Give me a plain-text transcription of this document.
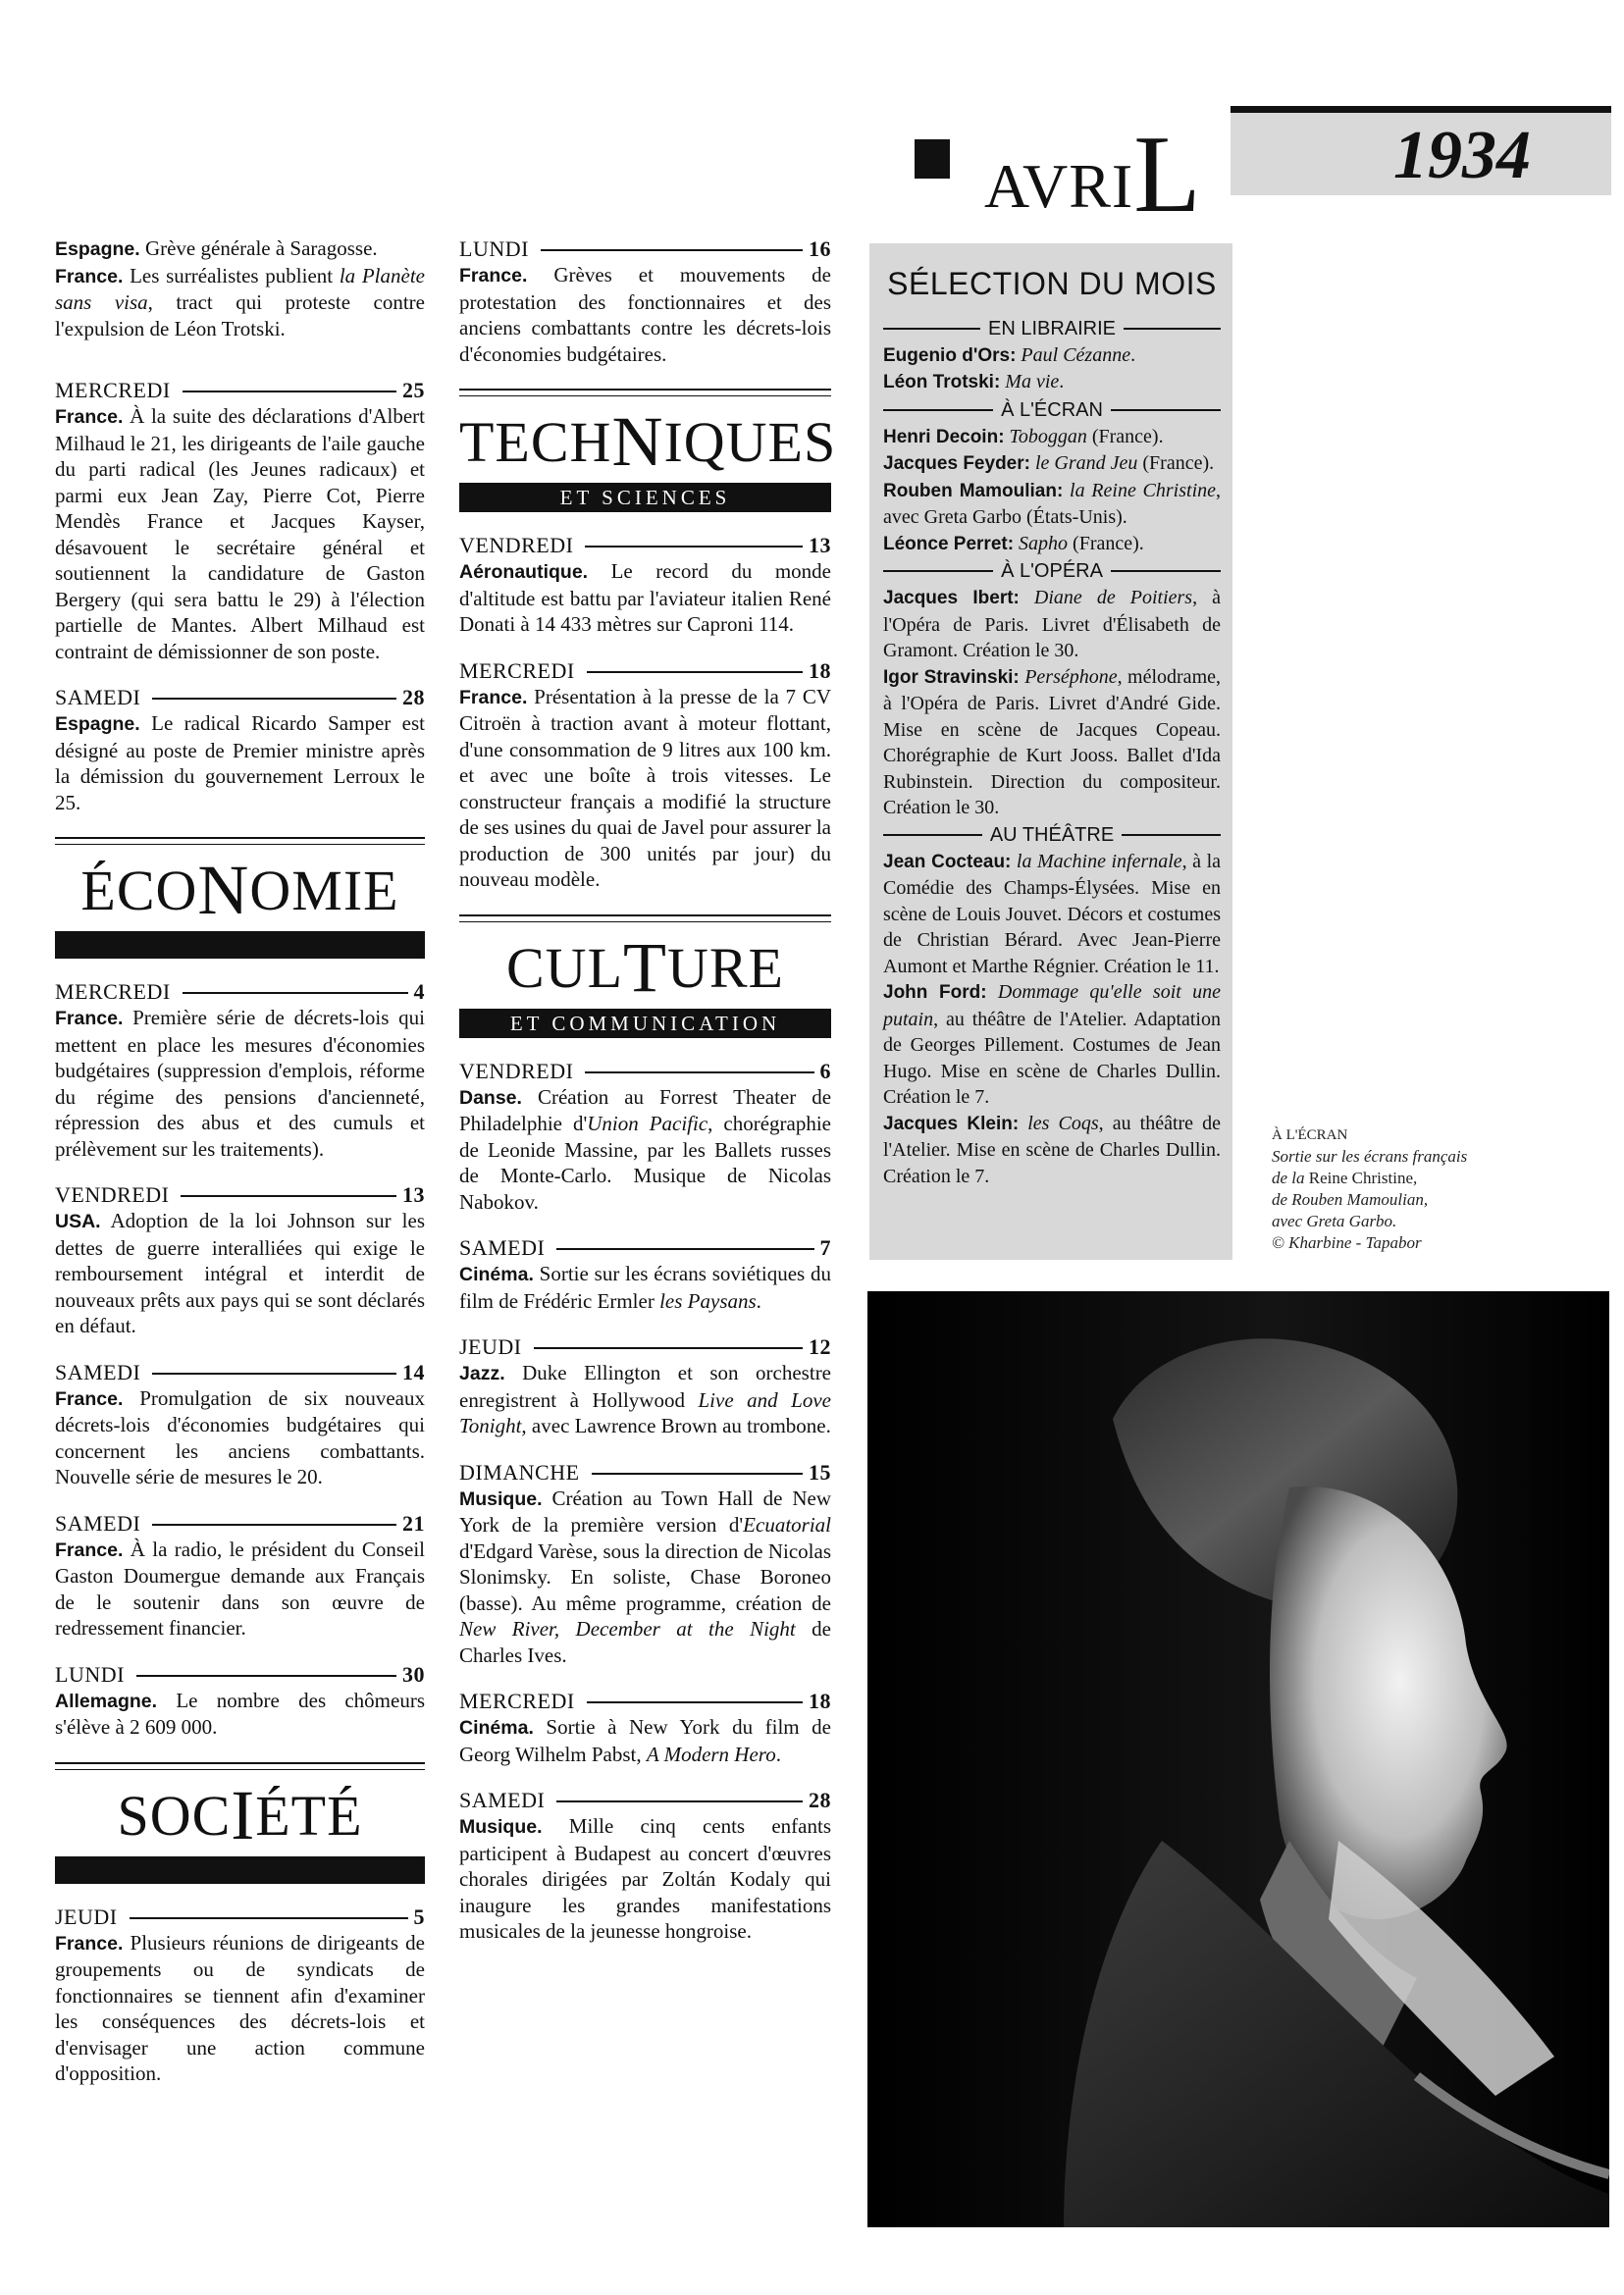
AVRIL	1934

Espagne. Grève générale à Saragosse.
France. Les surréalistes publient la Planète sans visa, tract qui proteste contre l'expulsion de Léon Trotski.

MERCREDI	25

France. À la suite des déclarations d'Albert Milhaud le 21, les dirigeants de l'aile gauche du parti radical (les Jeunes radicaux) et parmi eux Jean Zay, Pierre Cot, Pierre Mendès France et Jacques Kayser, désavouent le secrétaire général et soutiennent la candidature de Gaston Bergery (qui sera battu le 29) à l'élection partielle de Mantes. Albert Milhaud est contraint de démissionner de son poste.

SAMEDI	28

Espagne. Le radical Ricardo Samper est désigné au poste de Premier ministre après la démission du gouvernement Lerroux le 25.

ÉCONOMIE
MERCREDI	4

France. Première série de décrets-lois qui mettent en place les mesures d'économies budgétaires (suppression d'emplois, réforme du régime des pensions d'ancienneté, répression des abus et des cumuls et prélèvement sur les traitements).

VENDREDI	13

USA. Adoption de la loi Johnson sur les dettes de guerre interalliées qui exige le remboursement intégral et interdit de nouveaux prêts aux pays qui se sont déclarés en défaut.

SAMEDI	14

France. Promulgation de six nouveaux décrets-lois d'économies budgétaires qui concernent les anciens combattants. Nouvelle série de mesures le 20.

SAMEDI	21

France. À la radio, le président du Conseil Gaston Doumergue demande aux Français de le soutenir dans son œuvre de redressement financier.

LUNDI	30

Allemagne. Le nombre des chômeurs s'élève à 2 609 000.

SOCIÉTÉ
JEUDI	5

France. Plusieurs réunions de dirigeants de groupements ou de syndicats de fonctionnaires se tiennent afin d'examiner les conséquences des décrets-lois et d'envisager une action commune d'opposition.

LUNDI	16

France. Grèves et mouvements de protestation des fonctionnaires et des anciens combattants contre les décrets-lois d'économies budgétaires.

TECHNIQUES
ET SCIENCES
VENDREDI	13

Aéronautique. Le record du monde d'altitude est battu par l'aviateur italien René Donati à 14 433 mètres sur Caproni 114.

MERCREDI	18

France. Présentation à la presse de la 7 CV Citroën à traction avant à moteur flottant, d'une consommation de 9 litres aux 100 km. et avec une boîte à trois vitesses. Le constructeur français a modifié la structure de ses usines du quai de Javel pour assurer la production de 300 unités par jour) du nouveau modèle.

CULTURE
ET COMMUNICATION
VENDREDI	6

Danse. Création au Forrest Theater de Philadelphie d'Union Pacific, chorégraphie de Leonide Massine, par les Ballets russes de Monte-Carlo. Musique de Nicolas Nabokov.

SAMEDI	7

Cinéma. Sortie sur les écrans soviétiques du film de Frédéric Ermler les Paysans.

JEUDI	12

Jazz. Duke Ellington et son orchestre enregistrent à Hollywood Live and Love Tonight, avec Lawrence Brown au trombone.

DIMANCHE	15

Musique. Création au Town Hall de New York de la première version d'Ecuatorial d'Edgard Varèse, sous la direction de Nicolas Slonimsky. En soliste, Chase Boroneo (basse). Au même programme, création de New River, December at the Night de Charles Ives.

MERCREDI	18

Cinéma. Sortie à New York du film de Georg Wilhelm Pabst, A Modern Hero.

SAMEDI	28

Musique. Mille cinq cents enfants participent à Budapest au concert d'œuvres chorales dirigées par Zoltán Kodaly qui inaugure les grandes manifestations musicales de la jeunesse hongroise.

SÉLECTION DU MOIS
EN LIBRAIRIE

Eugenio d'Ors: Paul Cézanne.

Léon Trotski: Ma vie.

À L'ÉCRAN

Henri Decoin: Toboggan (France).

Jacques Feyder: le Grand Jeu (France).

Rouben Mamoulian: la Reine Christine, avec Greta Garbo (États-Unis).

Léonce Perret: Sapho (France).

À L'OPÉRA

Jacques Ibert: Diane de Poitiers, à l'Opéra de Paris. Livret d'Élisabeth de Gramont. Création le 30.

Igor Stravinski: Perséphone, mélodrame, à l'Opéra de Paris. Livret d'André Gide. Mise en scène de Jacques Copeau. Chorégraphie de Kurt Jooss. Ballet d'Ida Rubinstein. Direction du compositeur. Création le 30.

AU THÉÂTRE

Jean Cocteau: la Machine infernale, à la Comédie des Champs-Élysées. Mise en scène de Louis Jouvet. Décors et costumes de Christian Bérard. Avec Jean-Pierre Aumont et Marthe Régnier. Création le 11.

John Ford: Dommage qu'elle soit une putain, au théâtre de l'Atelier. Adaptation de Georges Pillement. Costumes de Jean Hugo. Mise en scène de Charles Dullin. Création le 7.

Jacques Klein: les Coqs, au théâtre de l'Atelier. Mise en scène de Charles Dullin. Création le 7.

À L'ÉCRAN
Sortie sur les écrans français
de la Reine Christine,
de Rouben Mamoulian,
avec Greta Garbo.
© Kharbine - Tapabor
